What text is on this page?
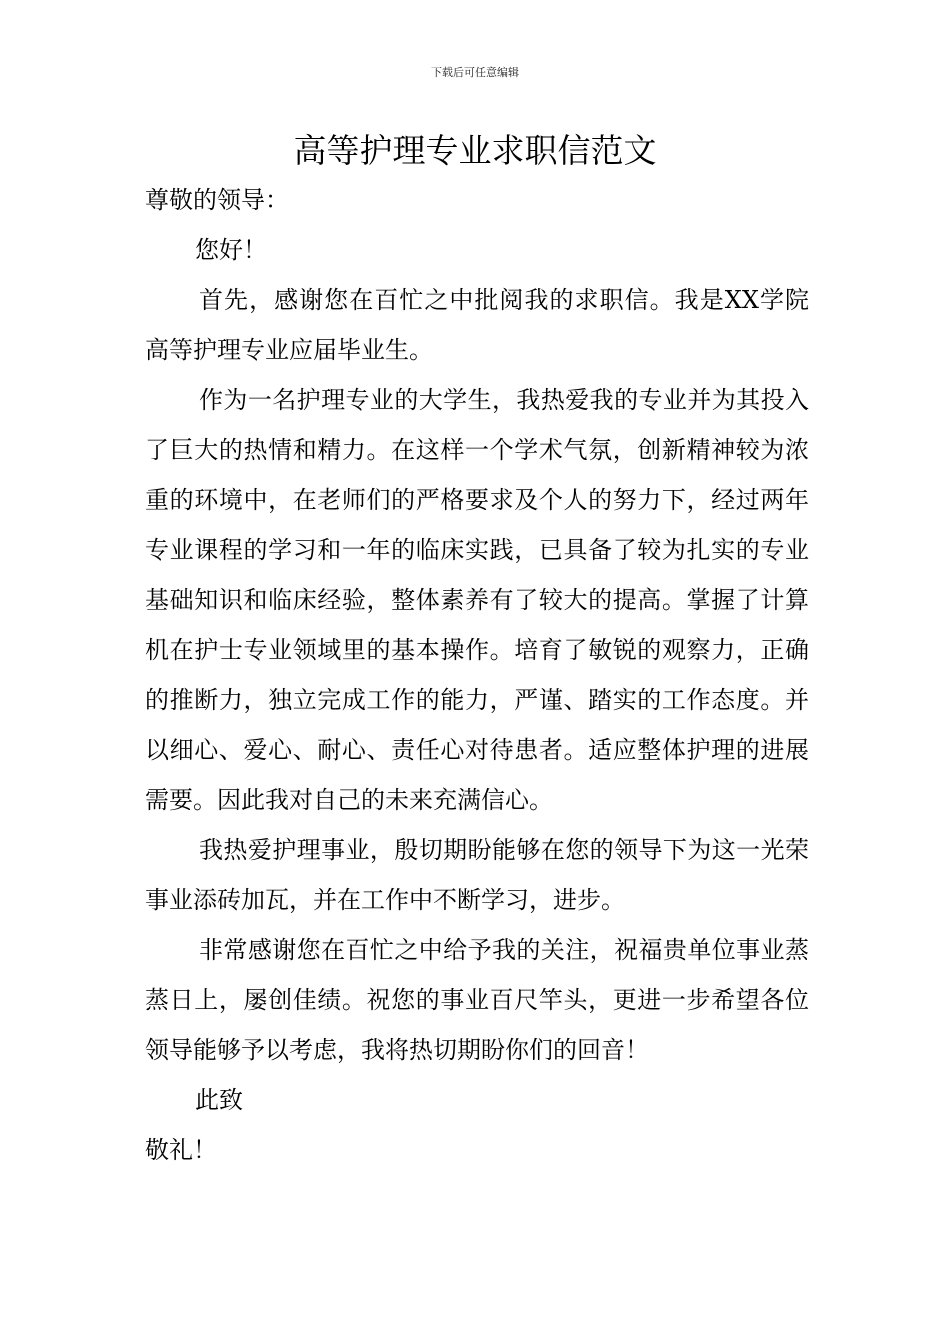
下载后可任意编辑
高等护理专业求职信范文

尊敬的领导：

您好！

首先，感谢您在百忙之中批阅我的求职信。我是XX学院高等护理专业应届毕业生。

作为一名护理专业的大学生，我热爱我的专业并为其投入了巨大的热情和精力。在这样一个学术气氛，创新精神较为浓重的环境中，在老师们的严格要求及个人的努力下，经过两年专业课程的学习和一年的临床实践，已具备了较为扎实的专业基础知识和临床经验，整体素养有了较大的提高。掌握了计算机在护士专业领域里的基本操作。培育了敏锐的观察力，正确的推断力，独立完成工作的能力，严谨、踏实的工作态度。并以细心、爱心、耐心、责任心对待患者。适应整体护理的进展需要。因此我对自己的未来充满信心。

我热爱护理事业，殷切期盼能够在您的领导下为这一光荣事业添砖加瓦，并在工作中不断学习，进步。

非常感谢您在百忙之中给予我的关注，祝福贵单位事业蒸蒸日上，屡创佳绩。祝您的事业百尺竿头，更进一步希望各位领导能够予以考虑，我将热切期盼你们的回音！

此致

敬礼！
